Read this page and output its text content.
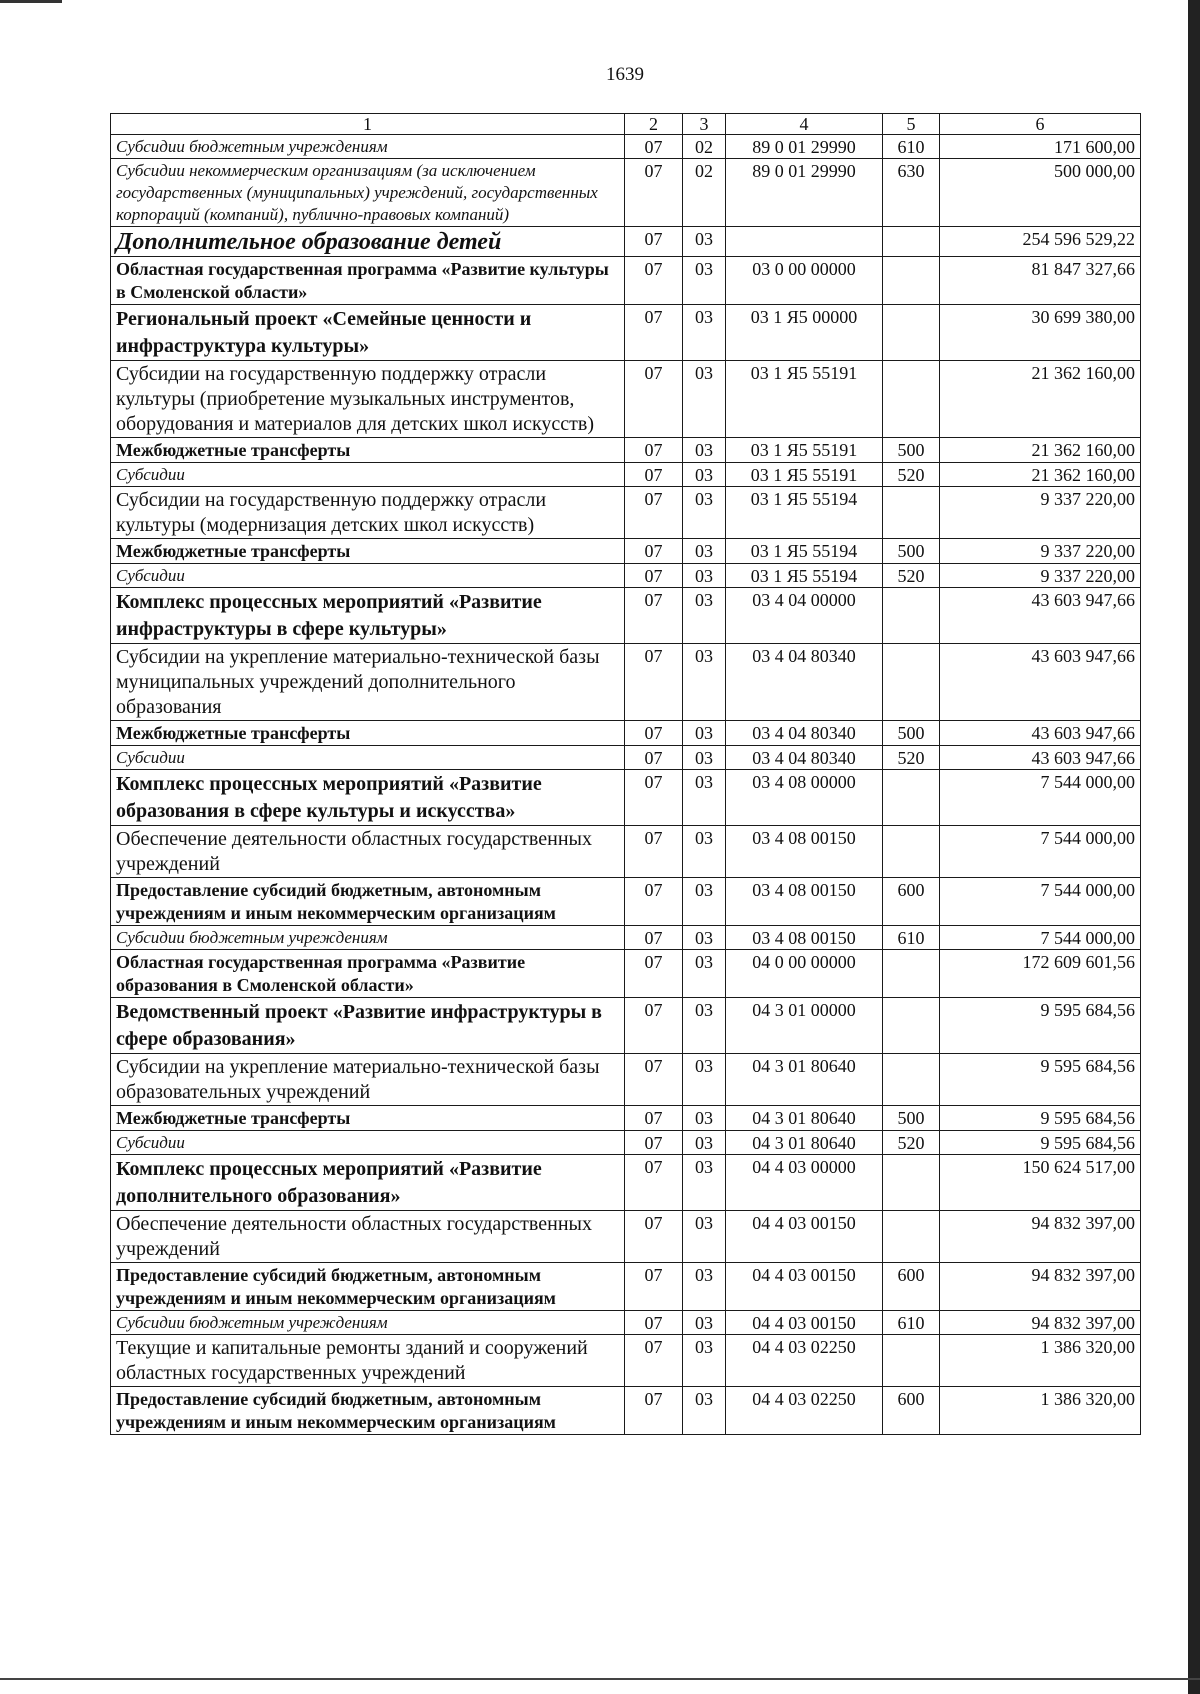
1639
1	2	3	4	5	6
Субсидии бюджетным учреждениям	07	02	89 0 01 29990	610	171 600,00
Субсидии некоммерческим организациям (за исключением государственных (муниципальных) учреждений, государственных корпораций (компаний), публично-правовых компаний)	07	02	89 0 01 29990	630	500 000,00
Дополнительное образование детей	07	03			254 596 529,22
Областная государственная программа «Развитие культуры в Смоленской области»	07	03	03 0 00 00000		81 847 327,66
Региональный проект «Семейные ценности и инфраструктура культуры»	07	03	03 1 Я5 00000		30 699 380,00
Субсидии на государственную поддержку отрасли культуры (приобретение музыкальных инструментов, оборудования и материалов для детских школ искусств)	07	03	03 1 Я5 55191		21 362 160,00
Межбюджетные трансферты	07	03	03 1 Я5 55191	500	21 362 160,00
Субсидии	07	03	03 1 Я5 55191	520	21 362 160,00
Субсидии на государственную поддержку отрасли культуры (модернизация детских школ искусств)	07	03	03 1 Я5 55194		9 337 220,00
Межбюджетные трансферты	07	03	03 1 Я5 55194	500	9 337 220,00
Субсидии	07	03	03 1 Я5 55194	520	9 337 220,00
Комплекс процессных мероприятий «Развитие инфраструктуры в сфере культуры»	07	03	03 4 04 00000		43 603 947,66
Субсидии на укрепление материально-технической базы муниципальных учреждений дополнительного образования	07	03	03 4 04 80340		43 603 947,66
Межбюджетные трансферты	07	03	03 4 04 80340	500	43 603 947,66
Субсидии	07	03	03 4 04 80340	520	43 603 947,66
Комплекс процессных мероприятий «Развитие образования в сфере культуры и искусства»	07	03	03 4 08 00000		7 544 000,00
Обеспечение деятельности областных государственных учреждений	07	03	03 4 08 00150		7 544 000,00
Предоставление субсидий бюджетным, автономным учреждениям и иным некоммерческим организациям	07	03	03 4 08 00150	600	7 544 000,00
Субсидии бюджетным учреждениям	07	03	03 4 08 00150	610	7 544 000,00
Областная государственная программа «Развитие образования в Смоленской области»	07	03	04 0 00 00000		172 609 601,56
Ведомственный проект «Развитие инфраструктуры в сфере образования»	07	03	04 3 01 00000		9 595 684,56
Субсидии на укрепление материально-технической базы образовательных учреждений	07	03	04 3 01 80640		9 595 684,56
Межбюджетные трансферты	07	03	04 3 01 80640	500	9 595 684,56
Субсидии	07	03	04 3 01 80640	520	9 595 684,56
Комплекс процессных мероприятий «Развитие дополнительного образования»	07	03	04 4 03 00000		150 624 517,00
Обеспечение деятельности областных государственных учреждений	07	03	04 4 03 00150		94 832 397,00
Предоставление субсидий бюджетным, автономным учреждениям и иным некоммерческим организациям	07	03	04 4 03 00150	600	94 832 397,00
Субсидии бюджетным учреждениям	07	03	04 4 03 00150	610	94 832 397,00
Текущие и капитальные ремонты зданий и сооружений областных государственных учреждений	07	03	04 4 03 02250		1 386 320,00
Предоставление субсидий бюджетным, автономным учреждениям и иным некоммерческим организациям	07	03	04 4 03 02250	600	1 386 320,00
